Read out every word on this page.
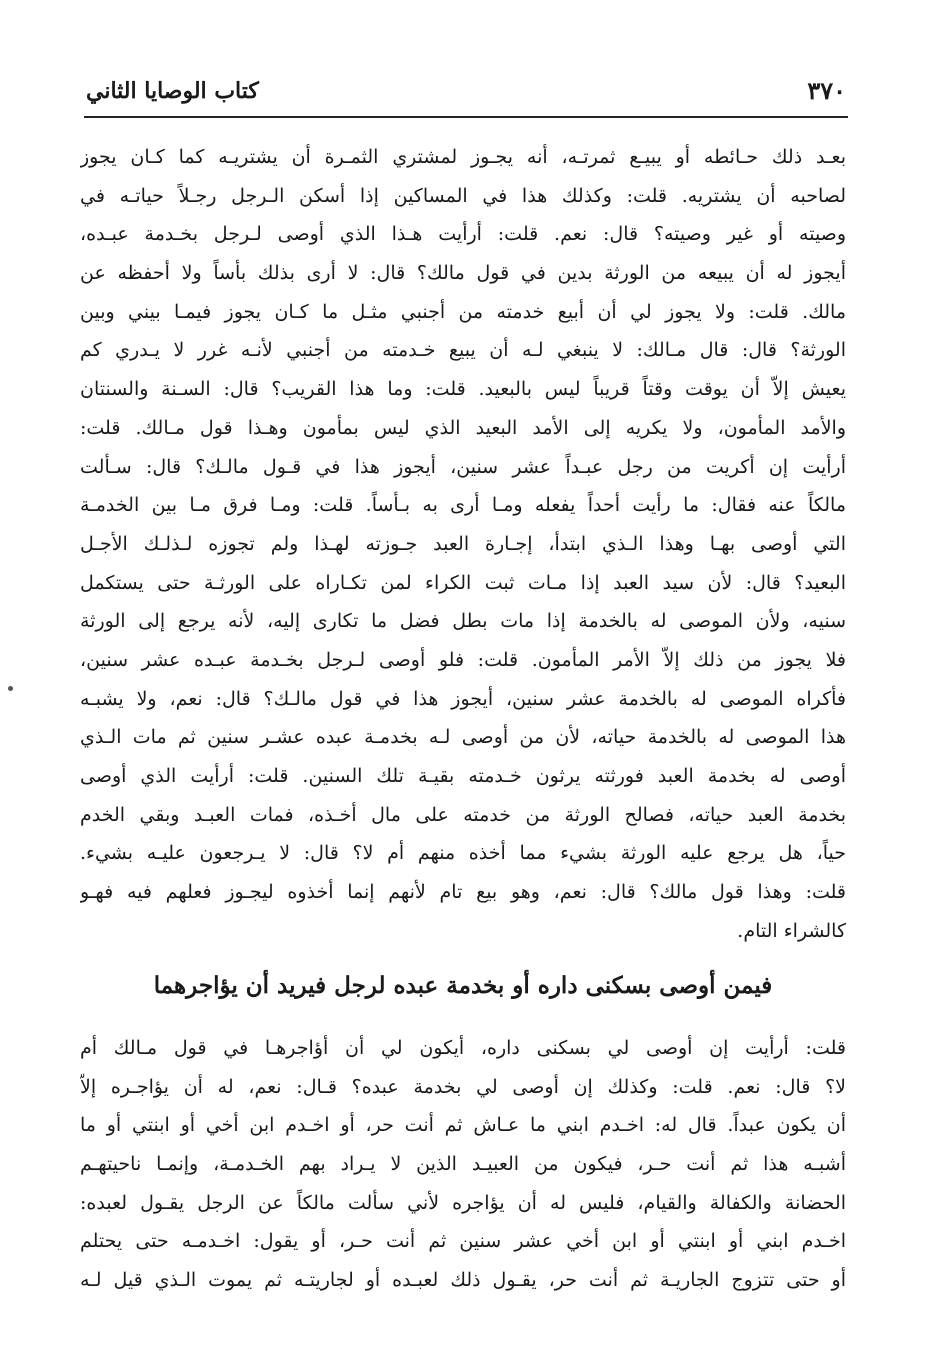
٣٧٠
كتاب الوصايا الثاني
بعـد ذلك حـائطه أو يبيـع ثمرتـه، أنه يجـوز لمشتري الثمـرة أن يشتريـه كما كـان يجوز
لصاحبه أن يشتريه. قلت: وكذلك هذا في المساكين إذا أسكن الـرجل رجـلاً حياتـه في
وصيته أو غير وصيته؟ قال: نعم. قلت: أرأيت هـذا الذي أوصى لـرجل بخـدمة عبـده،
أيجوز له أن يبيعه من الورثة بدين في قول مالك؟ قال: لا أرى بذلك بأساً ولا أحفظه عن
مالك. قلت: ولا يجوز لي أن أبيع خدمته من أجنبي مثـل ما كـان يجوز فيمـا بيني وبين
الورثة؟ قال: قال مـالك: لا ينبغي لـه أن يبيع خـدمته من أجنبي لأنـه غرر لا يـدري كم
يعيش إلاّ أن يوقت وقتاً قريباً ليس بالبعيد. قلت: وما هذا القريب؟ قال: السـنة والسنتان
والأمد المأمون، ولا يكريه إلى الأمد البعيد الذي ليس بمأمون وهـذا قول مـالك. قلت:
أرأيت إن أكريت من رجل عبـداً عشر سنين، أيجوز هذا في قـول مالـك؟ قال: سـألت
مالكاً عنه فقال: ما رأيت أحداً يفعله ومـا أرى به بـأساً. قلت: ومـا فرق مـا بين الخدمـة
التي أوصى بهـا وهذا الـذي ابتدأ، إجـارة العبد جـوزته لهـذا ولم تجوزه لـذلـك الأجـل
البعيد؟ قال: لأن سيد العبد إذا مـات ثبت الكراء لمن تكـاراه على الورثـة حتى يستكمل
سنيه، ولأن الموصى له بالخدمة إذا مات بطل فضل ما تكارى إليه، لأنه يرجع إلى الورثة
فلا يجوز من ذلك إلاّ الأمر المأمون. قلت: فلو أوصى لـرجل بخـدمة عبـده عشر سنين،
فأكراه الموصى له بالخدمة عشر سنين، أيجوز هذا في قول مالـك؟ قال: نعم، ولا يشبـه
هذا الموصى له بالخدمة حياته، لأن من أوصى لـه بخدمـة عبده عشـر سنين ثم مات الـذي
أوصى له بخدمة العبد فورثته يرثون خـدمته بقيـة تلك السنين. قلت: أرأيت الذي أوصى
بخدمة العبد حياته، فصالح الورثة من خدمته على مال أخـذه، فمات العبـد وبقي الخدم
حياً، هل يرجع عليه الورثة بشيء مما أخذه منهم أم لا؟ قال: لا يـرجعون عليـه بشيء.
قلت: وهذا قول مالك؟ قال: نعم، وهو بيع تام لأنهم إنما أخذوه ليجـوز فعلهم فيه فهـو
كالشراء التام.
فيمن أوصى بسكنى داره أو بخدمة عبده لرجل فيريد أن يؤاجرهما
قلت: أرأيت إن أوصى لي بسكنى داره، أيكون لي أن أؤاجرهـا في قول مـالك أم
لا؟ قال: نعم. قلت: وكذلك إن أوصى لي بخدمة عبده؟ قـال: نعم، له أن يؤاجـره إلاّ
أن يكون عبداً. قال له: اخـدم ابني ما عـاش ثم أنت حر، أو اخـدم ابن أخي أو ابنتي أو ما
أشبـه هذا ثم أنت حـر، فيكون من العبيـد الذين لا يـراد بهم الخـدمـة، وإنمـا ناحيتهـم
الحضانة والكفالة والقيام، فليس له أن يؤاجره لأني سألت مالكاً عن الرجل يقـول لعبده:
اخـدم ابني أو ابنتي أو ابن أخي عشر سنين ثم أنت حـر، أو يقول: اخـدمـه حتى يحتلم
أو حتى تتزوج الجاريـة ثم أنت حر، يقـول ذلك لعبـده أو لجاريتـه ثم يموت الـذي قيل لـه
